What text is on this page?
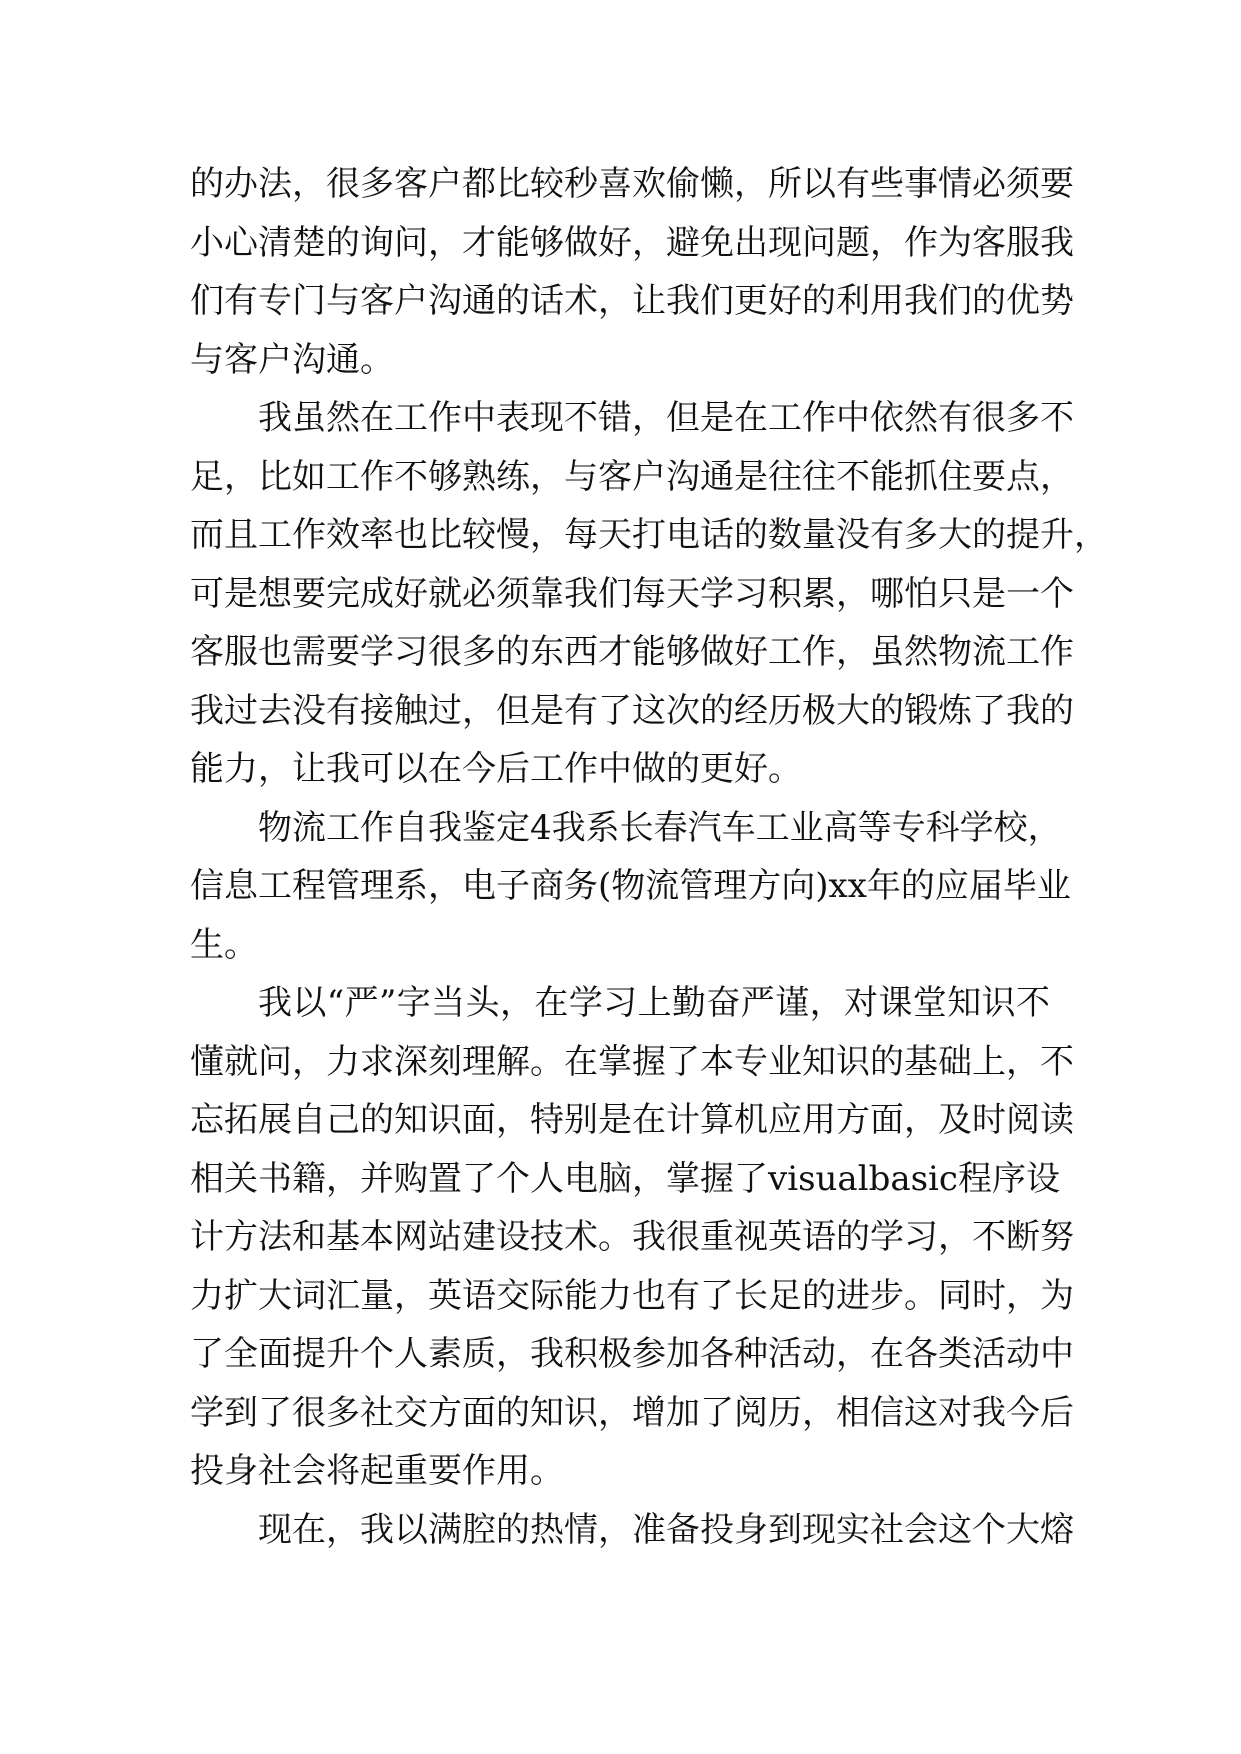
的办法，很多客户都比较秒喜欢偷懒，所以有些事情必须要
小心清楚的询问，才能够做好，避免出现问题，作为客服我
们有专门与客户沟通的话术，让我们更好的利用我们的优势
与客户沟通。
我虽然在工作中表现不错，但是在工作中依然有很多不
足，比如工作不够熟练，与客户沟通是往往不能抓住要点，
而且工作效率也比较慢，每天打电话的数量没有多大的提升，
可是想要完成好就必须靠我们每天学习积累，哪怕只是一个
客服也需要学习很多的东西才能够做好工作，虽然物流工作
我过去没有接触过，但是有了这次的经历极大的锻炼了我的
能力，让我可以在今后工作中做的更好。
物流工作自我鉴定4我系长春汽车工业高等专科学校，
信息工程管理系，电子商务(物流管理方向)xx年的应届毕业
生。
我以“严”字当头，在学习上勤奋严谨，对课堂知识不
懂就问，力求深刻理解。在掌握了本专业知识的基础上，不
忘拓展自己的知识面，特别是在计算机应用方面，及时阅读
相关书籍，并购置了个人电脑，掌握了visualbasic程序设
计方法和基本网站建设技术。我很重视英语的学习，不断努
力扩大词汇量，英语交际能力也有了长足的进步。同时，为
了全面提升个人素质，我积极参加各种活动，在各类活动中
学到了很多社交方面的知识，增加了阅历，相信这对我今后
投身社会将起重要作用。
现在，我以满腔的热情，准备投身到现实社会这个大熔
